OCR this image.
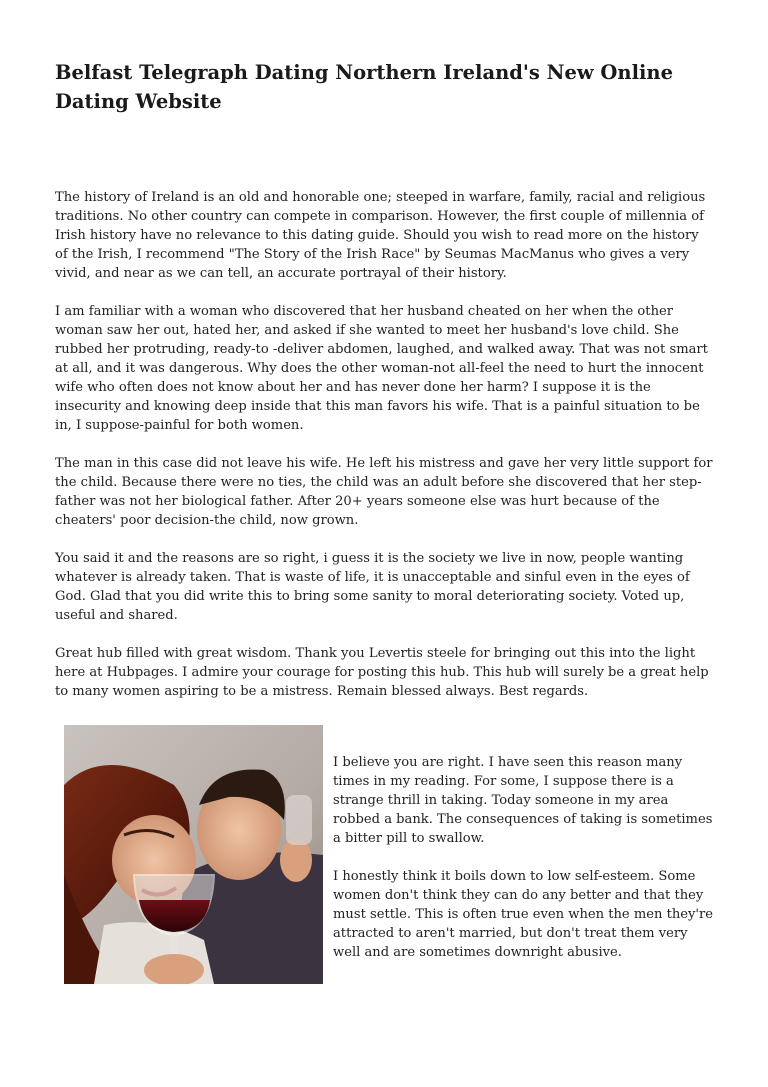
Belfast Telegraph Dating Northern Ireland's New Online Dating Website

The history of Ireland is an old and honorable one; steeped in warfare, family, racial and religious traditions. No other country can compete in comparison. However, the first couple of millennia of Irish history have no relevance to this dating guide. Should you wish to read more on the history of the Irish, I recommend "The Story of the Irish Race" by Seumas MacManus who gives a very vivid, and near as we can tell, an accurate portrayal of their history.

I am familiar with a woman who discovered that her husband cheated on her when the other woman saw her out, hated her, and asked if she wanted to meet her husband's love child. She rubbed her protruding, ready-to -deliver abdomen, laughed, and walked away. That was not smart at all, and it was dangerous. Why does the other woman-not all-feel the need to hurt the innocent wife who often does not know about her and has never done her harm? I suppose it is the insecurity and knowing deep inside that this man favors his wife. That is a painful situation to be in, I suppose-painful for both women.

The man in this case did not leave his wife. He left his mistress and gave her very little support for the child. Because there were no ties, the child was an adult before she discovered that her step-father was not her biological father. After 20+ years someone else was hurt because of the cheaters' poor decision-the child, now grown.

You said it and the reasons are so right, i guess it is the society we live in now, people wanting whatever is already taken. That is waste of life, it is unacceptable and sinful even in the eyes of God. Glad that you did write this to bring some sanity to moral deteriorating society. Voted up, useful and shared.

Great hub filled with great wisdom. Thank you Levertis steele for bringing out this into the light here at Hubpages. I admire your courage for posting this hub. This hub will surely be a great help to many women aspiring to be a mistress. Remain blessed always. Best regards.

I believe you are right. I have seen this reason many times in my reading. For some, I suppose there is a strange thrill in taking. Today someone in my area robbed a bank. The consequences of taking is sometimes a bitter pill to swallow.

I honestly think it boils down to low self-esteem. Some women don't think they can do any better and that they must settle. This is often true even when the men they're attracted to aren't married, but don't treat them very well and are sometimes downright abusive.
